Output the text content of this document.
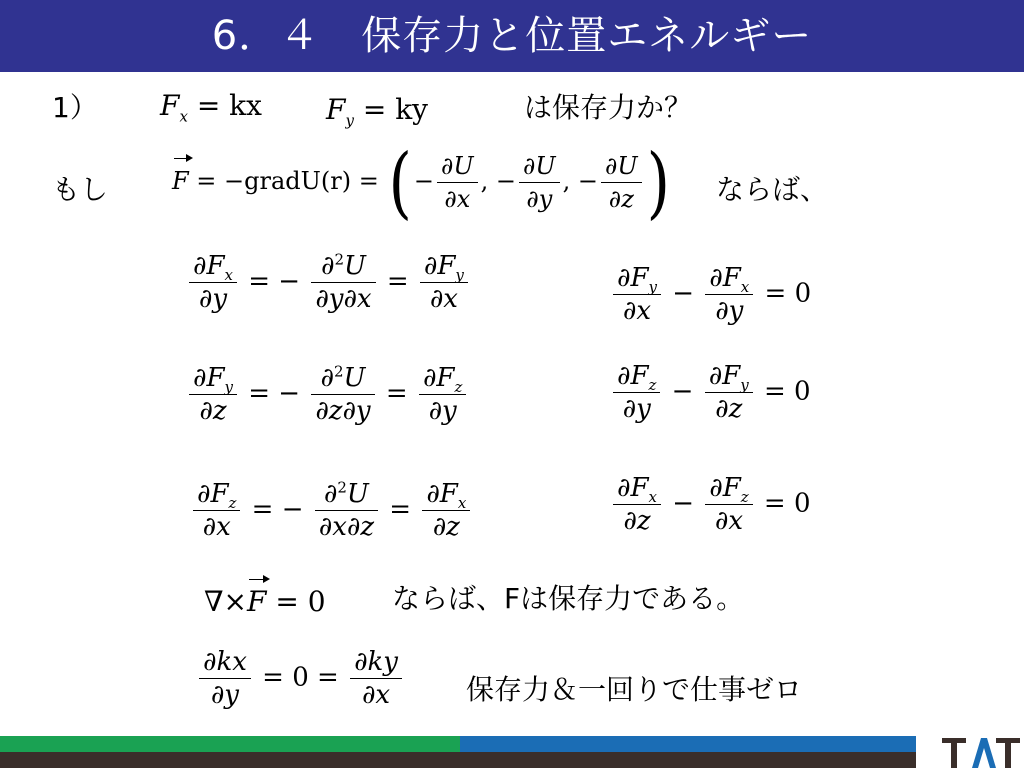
6．４　保存力と位置エネルギー
1） $F_x$ = kx $F_y$ = ky	は保存力か？
もし	F = −gradU(r) = (− $\frac{\partial U}{\partial x}$ , − $\frac{\partial U}{\partial y}$ , − $\frac{\partial U}{\partial z}$ ) ならば、
$\frac{\partial F_x}{\partial y}$ = − $\frac{\partial^2U}{\partial y\partial x} = \frac{\partial F_y}{\partial x}$
$\frac{\partial F_y}{\partial z}$ = − $\frac{\partial^2U}{\partial z\partial y} = \frac{\partial F_z}{\partial y}$
$\frac{\partial F_z}{\partial x}$ = − $\frac{\partial^2U}{\partial x\partial z} = \frac{\partial F_x}{\partial z}$
$\frac{\partial F_y}{\partial x} - \frac{\partial F_x}{\partial y} = 0$
$\frac{\partial F_z}{\partial y} - \frac{\partial F_y}{\partial z} = 0$
$\frac{\partial F_x}{\partial z} - \frac{\partial F_z}{\partial x} = 0$
∇×F = 0 ならば、Fは保存力である。
$\frac{\partial kx}{\partial y} = 0 = \frac{\partial ky}{\partial x}$ 保存力＆一回りで仕事ゼロ
